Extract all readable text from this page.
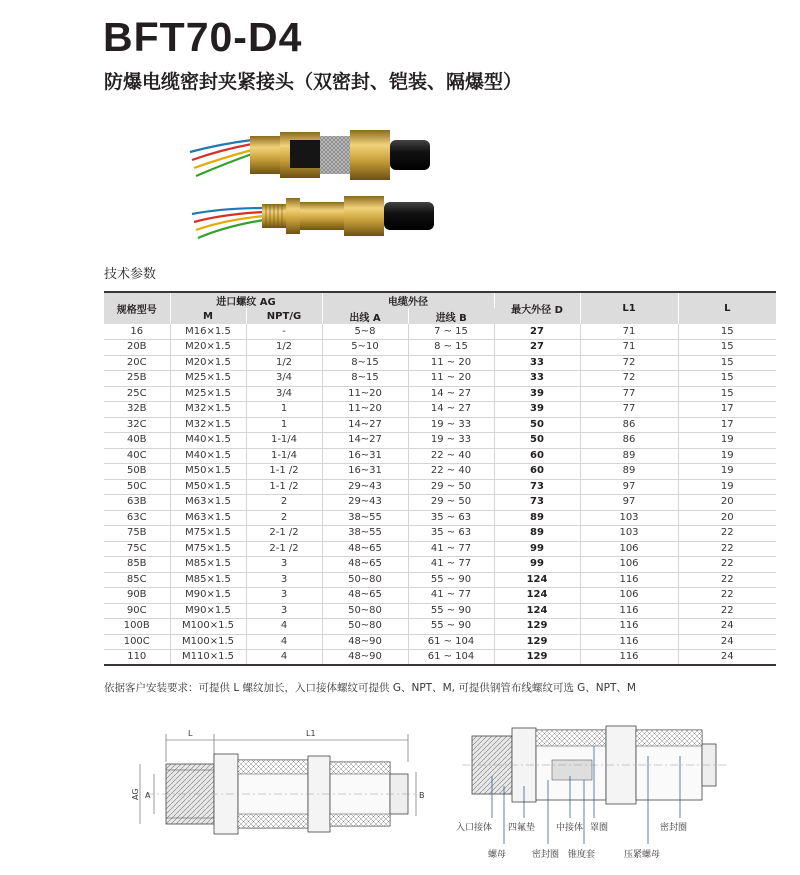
BFT70-D4
防爆电缆密封夹紧接头（双密封、铠装、隔爆型）
技术参数
规格型号	进口螺纹 AG		电缆外径		最大外径 D	L1	L
	M	NPT/G	出线 A	进线 B			
16	M16×1.5	-	5~8	7 ~ 15	27	71	15
20B	M20×1.5	1/2	5~10	8 ~ 15	27	71	15
20C	M20×1.5	1/2	8~15	11 ~ 20	33	72	15
25B	M25×1.5	3/4	8~15	11 ~ 20	33	72	15
25C	M25×1.5	3/4	11~20	14 ~ 27	39	77	15
32B	M32×1.5	1	11~20	14 ~ 27	39	77	17
32C	M32×1.5	1	14~27	19 ~ 33	50	86	17
40B	M40×1.5	1-1/4	14~27	19 ~ 33	50	86	19
40C	M40×1.5	1-1/4	16~31	22 ~ 40	60	89	19
50B	M50×1.5	1-1 /2	16~31	22 ~ 40	60	89	19
50C	M50×1.5	1-1 /2	29~43	29 ~ 50	73	97	19
63B	M63×1.5	2	29~43	29 ~ 50	73	97	20
63C	M63×1.5	2	38~55	35 ~ 63	89	103	20
75B	M75×1.5	2-1 /2	38~55	35 ~ 63	89	103	22
75C	M75×1.5	2-1 /2	48~65	41 ~ 77	99	106	22
85B	M85×1.5	3	48~65	41 ~ 77	99	106	22
85C	M85×1.5	3	50~80	55 ~ 90	124	116	22
90B	M90×1.5	3	48~65	41 ~ 77	124	106	22
90C	M90×1.5	3	50~80	55 ~ 90	124	116	22
100B	M100×1.5	4	50~80	55 ~ 90	129	116	24
100C	M100×1.5	4	48~90	61 ~ 104	129	116	24
110	M110×1.5	4	48~90	61 ~ 104	129	116	24
依据客户安装要求：可提供 L 螺纹加长，入口接体螺纹可提供 G、NPT、M, 可提供钢管布线螺纹可选 G、NPT、M
L	L1
AG A	B
入口接体 四氟垫 中接体 罩圈	密封圈
螺母	密封圈 锥度套	压紧螺母
